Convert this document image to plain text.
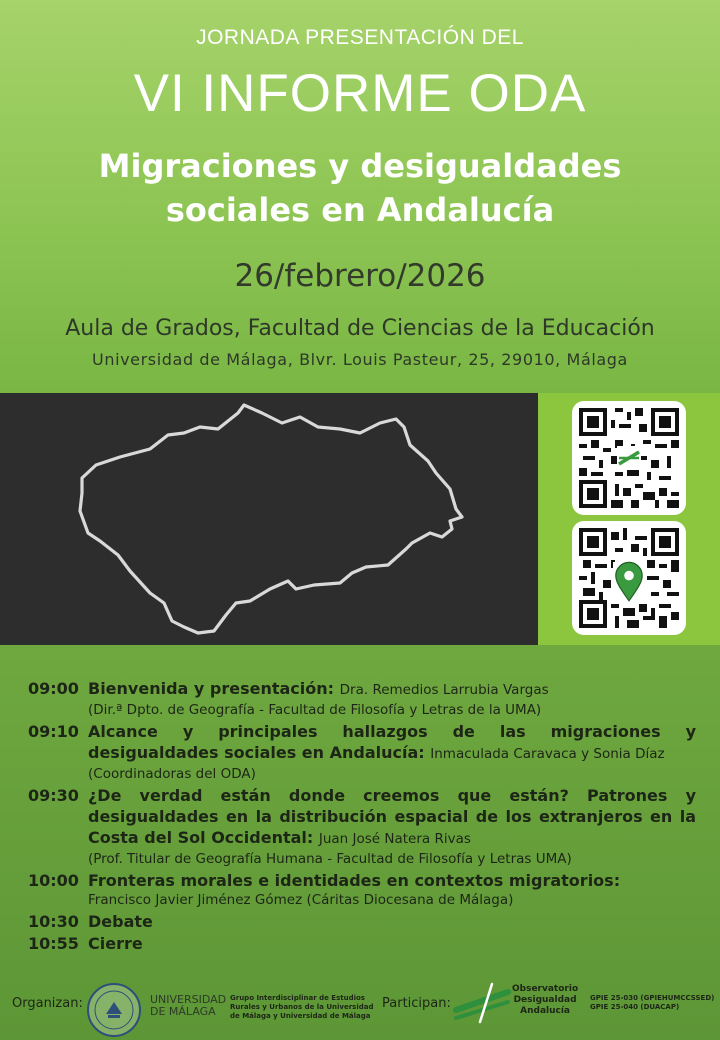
JORNADA PRESENTACIÓN DEL
VI INFORME ODA
Migraciones y desigualdades
sociales en Andalucía
26/febrero/2026
Aula de Grados, Facultad de Ciencias de la Educación
Universidad de Málaga, Blvr. Louis Pasteur, 25, 29010, Málaga
09:00 Bienvenida y presentación: Dra. Remedios Larrubia Vargas
(Dir.ª Dpto. de Geografía - Facultad de Filosofía y Letras de la UMA)
09:10 Alcance y principales hallazgos de las migraciones y desigualdades sociales en Andalucía: Inmaculada Caravaca y Sonia Díaz
(Coordinadoras del ODA)
09:30 ¿De verdad están donde creemos que están? Patrones y desigualdades en la distribución espacial de los extranjeros en la Costa del Sol Occidental: Juan José Natera Rivas
(Prof. Titular de Geografía Humana - Facultad de Filosofía y Letras UMA)
10:00 Fronteras morales e identidades en contextos migratorios:
Francisco Javier Jiménez Gómez (Cáritas Diocesana de Málaga)
10:30 Debate
10:55 Cierre
Organizan:	UNIVERSIDAD
DE MÁLAGA
Grupo Interdisciplinar de Estudios
Rurales y Urbanos de la Universidad
de Málaga y Universidad de Málaga
Participan:
Observatorio
Desigualdad
Andalucía
GPIE 25-030 (GPIEHUMCCSSED)
GPIE 25-040 (DUACAP)
